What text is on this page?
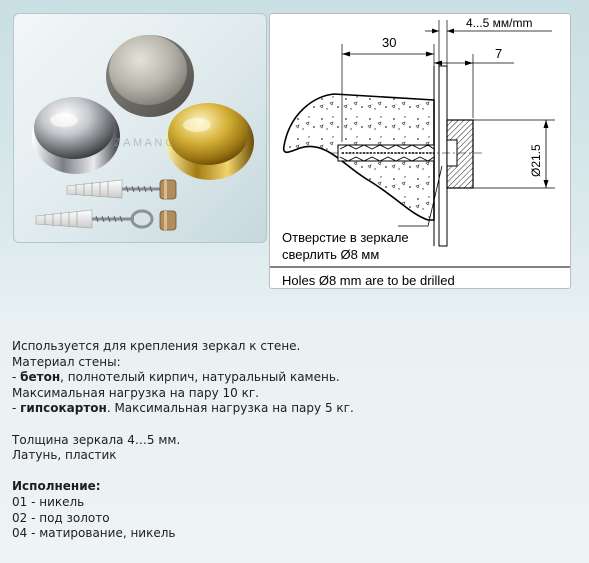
Z A M A N C
30
7
4...5 мм/mm
Ø21.5
Отверстие в зеркале
сверлить Ø8 мм
Holes Ø8 mm are to be drilled
Используется для крепления зеркал к стене.
Материал стены:
- бетон, полнотелый кирпич, натуральный камень.
Максимальная нагрузка на пару 10 кг.
- гипсокартон. Максимальная нагрузка на пару 5 кг.
Толщина зеркала 4…5 мм.
Латунь, пластик
Исполнение:
01 - никель
02 - под золото
04 - матирование, никель
